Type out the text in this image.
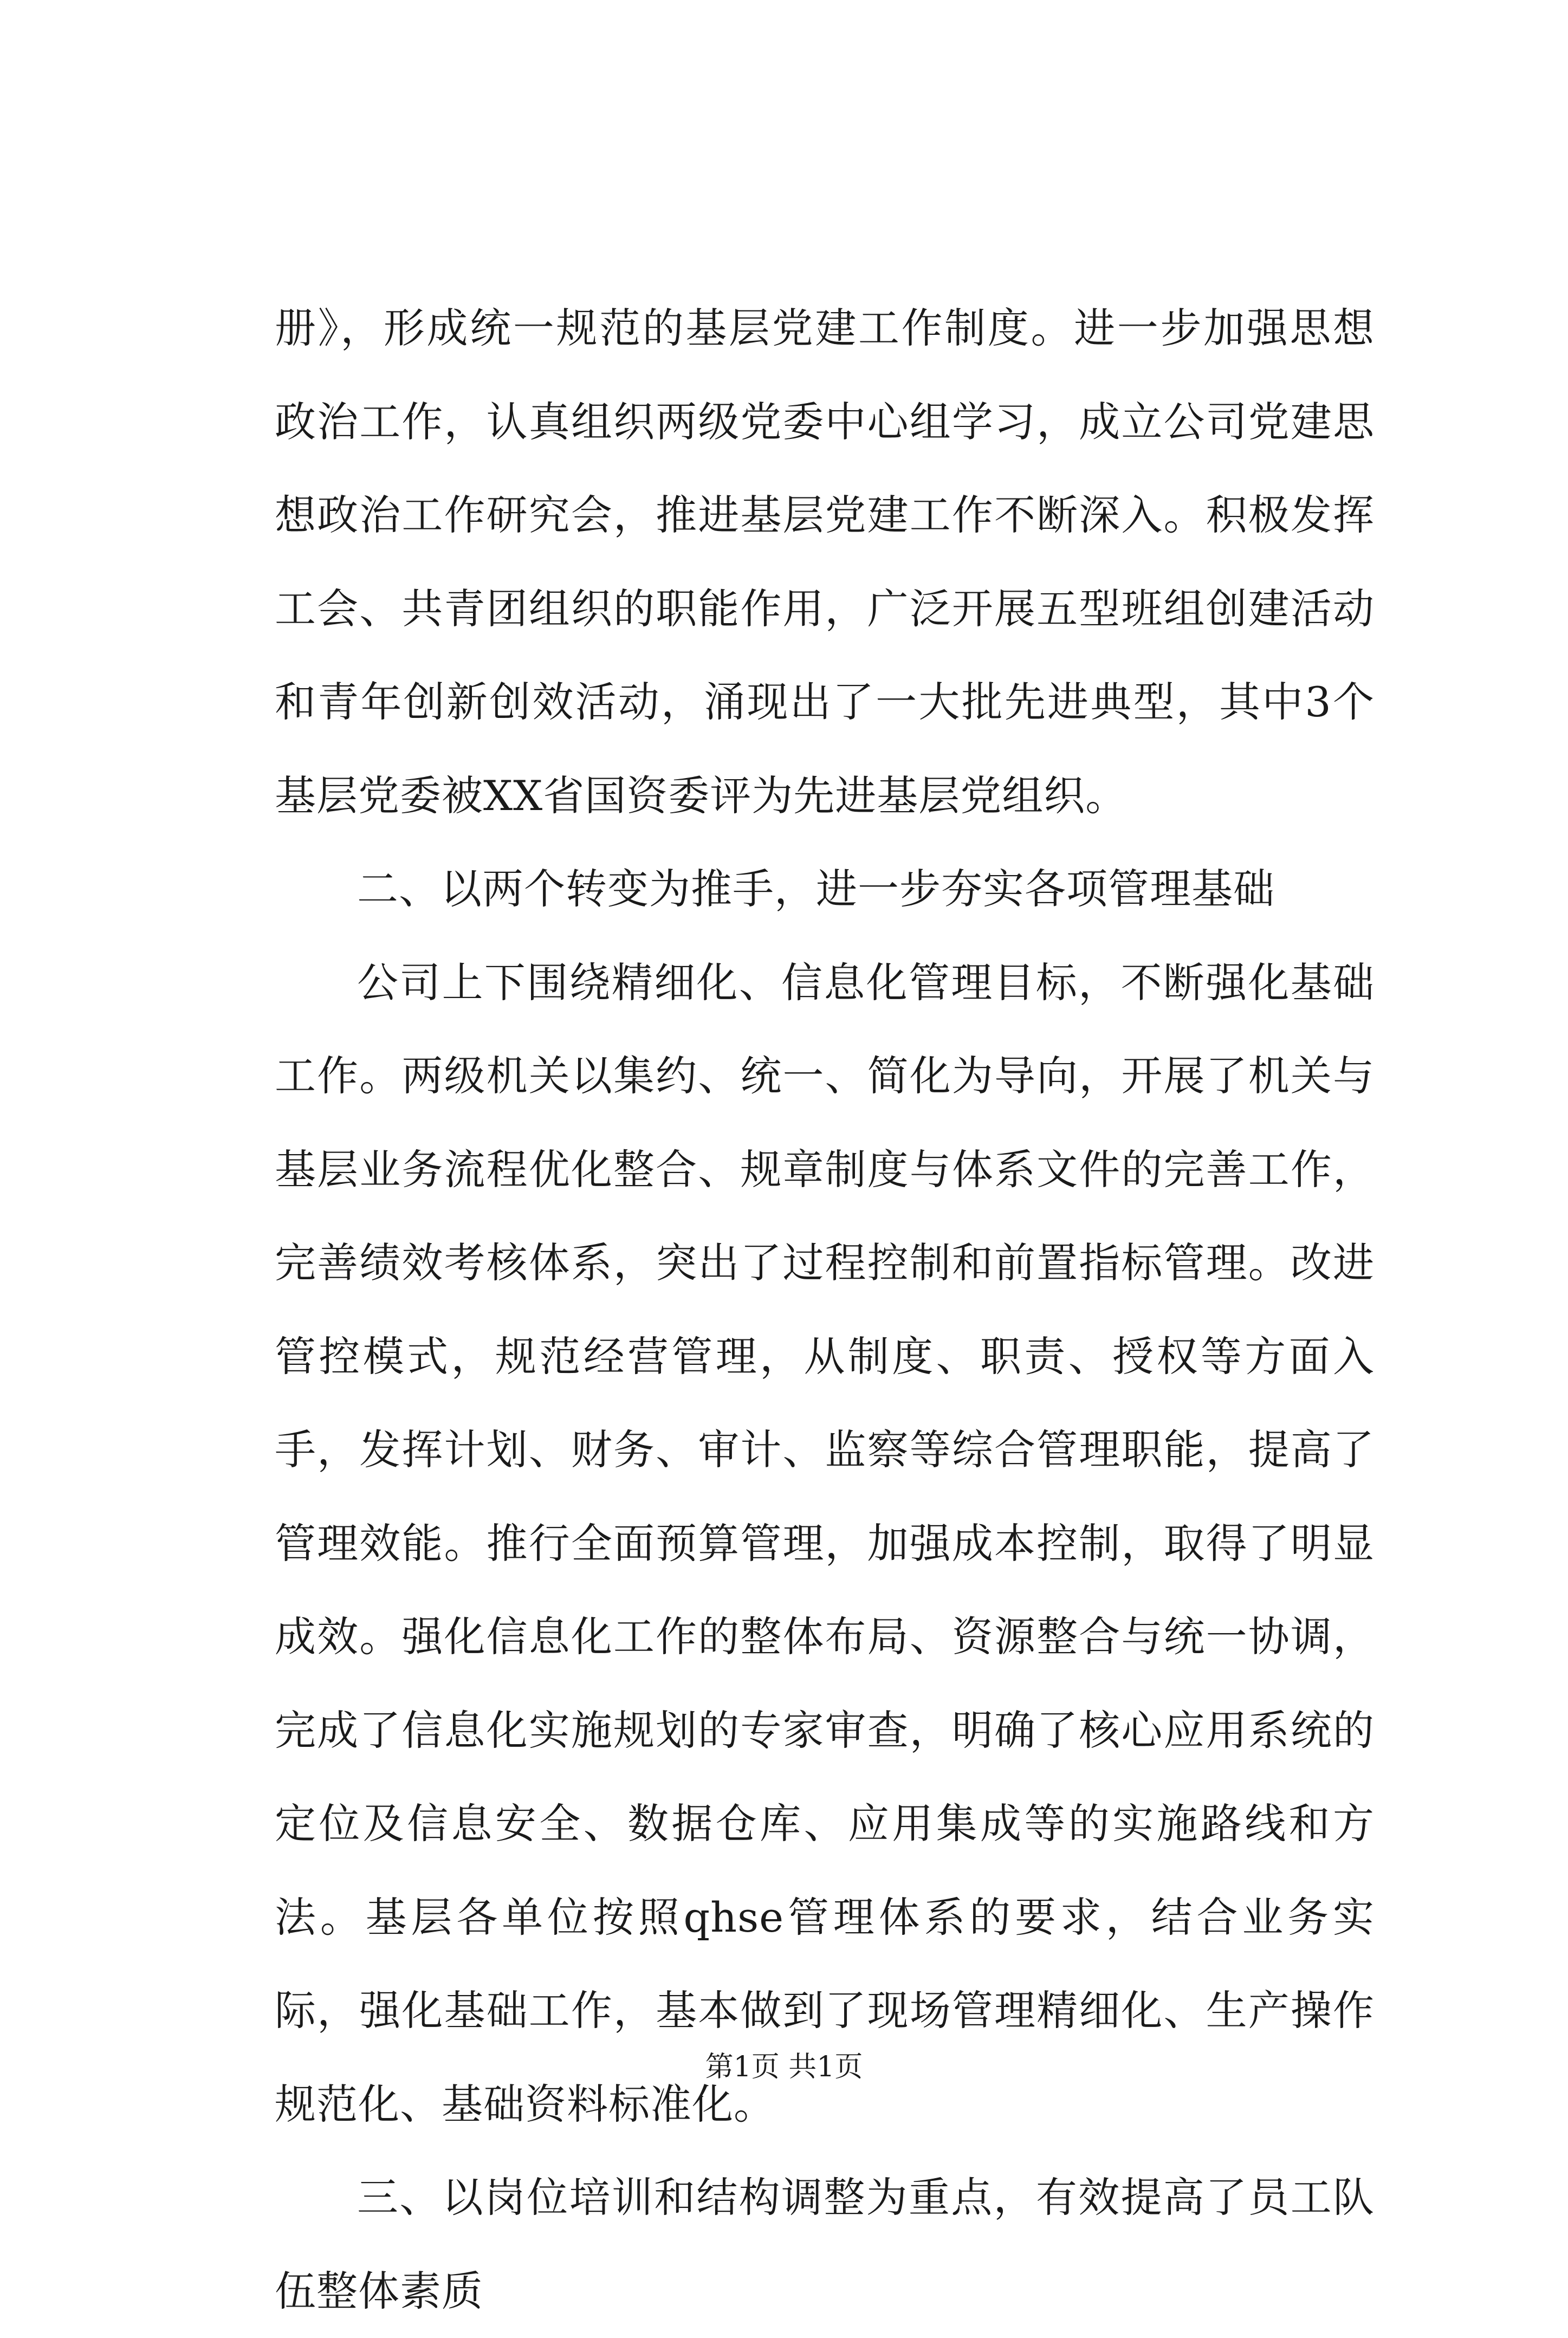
册》，形成统一规范的基层党建工作制度。进一步加强思想政治工作，认真组织两级党委中心组学习，成立公司党建思想政治工作研究会，推进基层党建工作不断深入。积极发挥工会、共青团组织的职能作用，广泛开展五型班组创建活动和青年创新创效活动，涌现出了一大批先进典型，其中3个基层党委被XX省国资委评为先进基层党组织。

二、以两个转变为推手，进一步夯实各项管理基础

公司上下围绕精细化、信息化管理目标，不断强化基础工作。两级机关以集约、统一、简化为导向，开展了机关与基层业务流程优化整合、规章制度与体系文件的完善工作，完善绩效考核体系，突出了过程控制和前置指标管理。改进管控模式，规范经营管理，从制度、职责、授权等方面入手，发挥计划、财务、审计、监察等综合管理职能，提高了管理效能。推行全面预算管理，加强成本控制，取得了明显成效。强化信息化工作的整体布局、资源整合与统一协调，完成了信息化实施规划的专家审查，明确了核心应用系统的定位及信息安全、数据仓库、应用集成等的实施路线和方法。基层各单位按照qhse管理体系的要求，结合业务实际，强化基础工作，基本做到了现场管理精细化、生产操作规范化、基础资料标准化。

三、以岗位培训和结构调整为重点，有效提高了员工队伍整体素质

第1页 共1页
